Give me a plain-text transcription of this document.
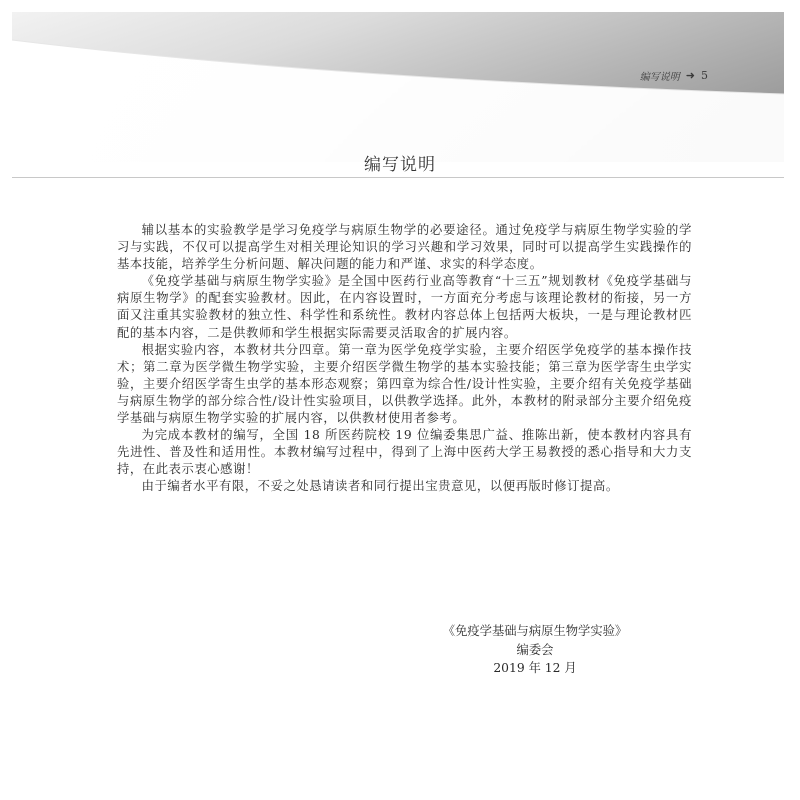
编写说明 ➜ 5
编写说明

辅以基本的实验教学是学习免疫学与病原生物学的必要途径。通过免疫学与病原生物学实验的学习与实践，不仅可以提高学生对相关理论知识的学习兴趣和学习效果，同时可以提高学生实践操作的基本技能，培养学生分析问题、解决问题的能力和严谨、求实的科学态度。

《免疫学基础与病原生物学实验》是全国中医药行业高等教育“十三五”规划教材《免疫学基础与病原生物学》的配套实验教材。因此，在内容设置时，一方面充分考虑与该理论教材的衔接，另一方面又注重其实验教材的独立性、科学性和系统性。教材内容总体上包括两大板块，一是与理论教材匹配的基本内容，二是供教师和学生根据实际需要灵活取舍的扩展内容。

根据实验内容，本教材共分四章。第一章为医学免疫学实验，主要介绍医学免疫学的基本操作技术；第二章为医学微生物学实验，主要介绍医学微生物学的基本实验技能；第三章为医学寄生虫学实验，主要介绍医学寄生虫学的基本形态观察；第四章为综合性/设计性实验，主要介绍有关免疫学基础与病原生物学的部分综合性/设计性实验项目，以供教学选择。此外，本教材的附录部分主要介绍免疫学基础与病原生物学实验的扩展内容，以供教材使用者参考。

为完成本教材的编写，全国 18 所医药院校 19 位编委集思广益、推陈出新，使本教材内容具有先进性、普及性和适用性。本教材编写过程中，得到了上海中医药大学王易教授的悉心指导和大力支持，在此表示衷心感谢！

由于编者水平有限，不妥之处恳请读者和同行提出宝贵意见，以便再版时修订提高。

《免疫学基础与病原生物学实验》
编委会
2019 年 12 月
